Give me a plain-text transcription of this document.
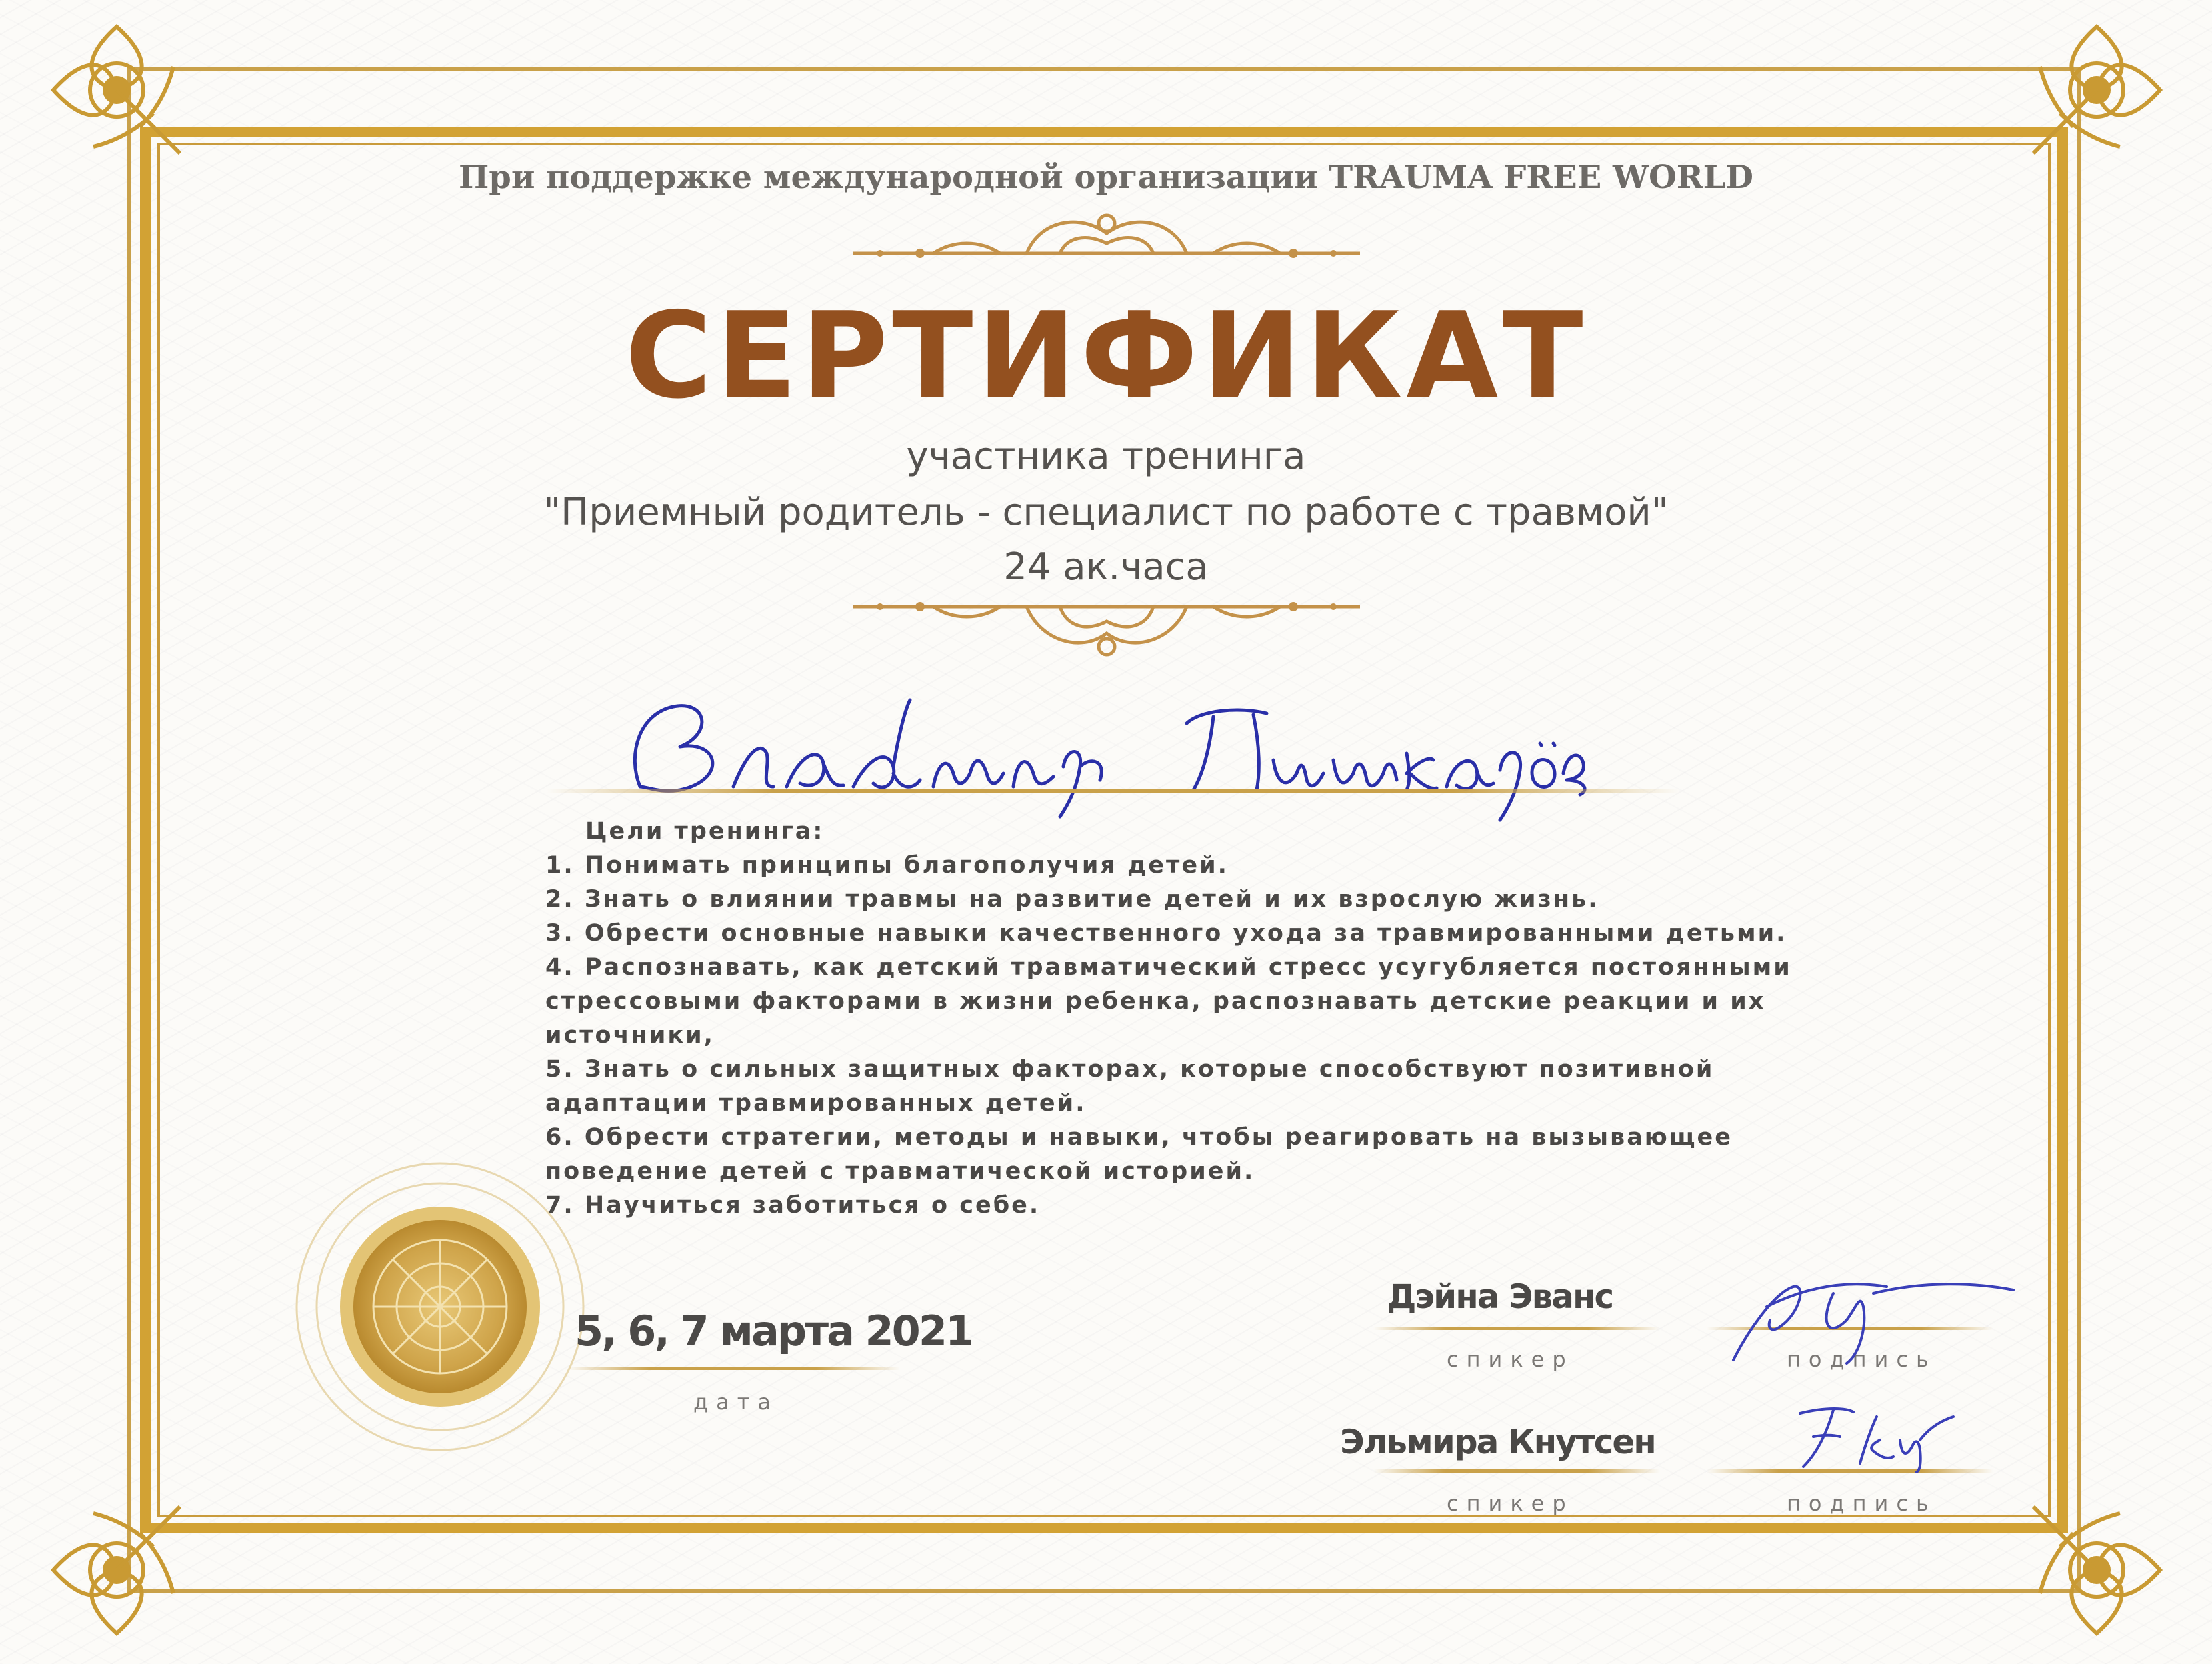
При поддержке международной организации TRAUMA FREE WORLD
СЕРТИФИКАТ
участника тренинга
"Приемный родитель - специалист по работе с травмой"
24 ак.часа
Цели тренинга:
1. Понимать принципы благополучия детей.
2. Знать о влиянии травмы на развитие детей и их взрослую жизнь.
3. Обрести основные навыки качественного ухода за травмированными детьми.
4. Распознавать, как детский травматический стресс усугубляется постоянными
стрессовыми факторами в жизни ребенка, распознавать детские реакции и их
источники,
5. Знать о сильных защитных факторах, которые способствуют позитивной
адаптации травмированных детей.
6. Обрести стратегии, методы и навыки, чтобы реагировать на вызывающее
поведение детей с травматической историей.
7. Научиться заботиться о себе.
5, 6, 7 марта 2021
дата
Дэйна Эванс
спикер	подпись
Эльмира Кнутсен
спикер	подпись
